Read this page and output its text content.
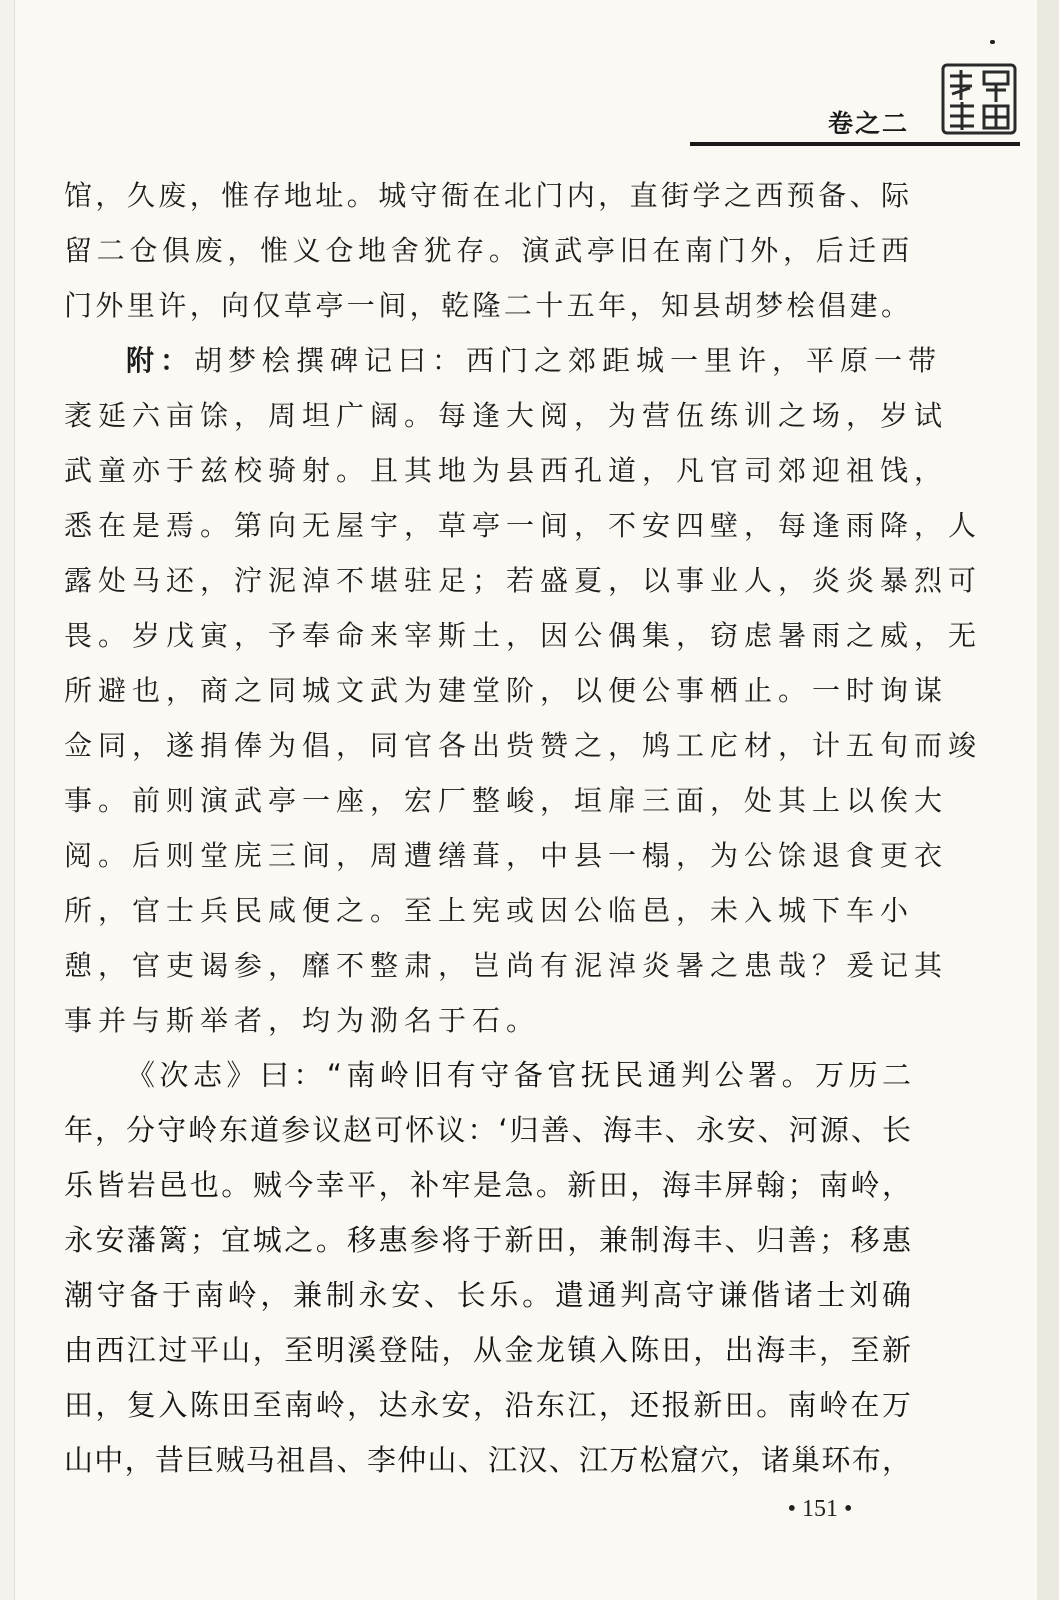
卷之二
馆，久废，惟存地址。城守衙在北门内，直街学之西预备、际
留二仓俱废，惟义仓地舍犹存。演武亭旧在南门外，后迁西
门外里许，向仅草亭一间，乾隆二十五年，知县胡梦桧倡建。
附：胡梦桧撰碑记曰：西门之郊距城一里许，平原一带
袤延六亩馀，周坦广阔。每逢大阅，为营伍练训之场，岁试
武童亦于兹校骑射。且其地为县西孔道，凡官司郊迎祖饯，
悉在是焉。第向无屋宇，草亭一间，不安四壁，每逢雨降，人
露处马还，泞泥淖不堪驻足；若盛夏，以事业人，炎炎暴烈可
畏。岁戊寅，予奉命来宰斯土，因公偶集，窃虑暑雨之威，无
所避也，商之同城文武为建堂阶，以便公事栖止。一时询谋
佥同，遂捐俸为倡，同官各出赀赞之，鸠工庀材，计五旬而竣
事。前则演武亭一座，宏厂整峻，垣扉三面，处其上以俟大
阅。后则堂庑三间，周遭缮葺，中县一榻，为公馀退食更衣
所，官士兵民咸便之。至上宪或因公临邑，未入城下车小
憩，官吏谒参，靡不整肃，岂尚有泥淖炎暑之患哉？爰记其
事并与斯举者，均为泐名于石。
《次志》曰：“南岭旧有守备官抚民通判公署。万历二
年，分守岭东道参议赵可怀议：‘归善、海丰、永安、河源、长
乐皆岩邑也。贼今幸平，补牢是急。新田，海丰屏翰；南岭，
永安藩篱；宜城之。移惠参将于新田，兼制海丰、归善；移惠
潮守备于南岭，兼制永安、长乐。遣通判高守谦偕诸士刘确
由西江过平山，至明溪登陆，从金龙镇入陈田，出海丰，至新
田，复入陈田至南岭，达永安，沿东江，还报新田。南岭在万
山中，昔巨贼马祖昌、李仲山、江汉、江万松窟穴，诸巢环布，
• 151 •
